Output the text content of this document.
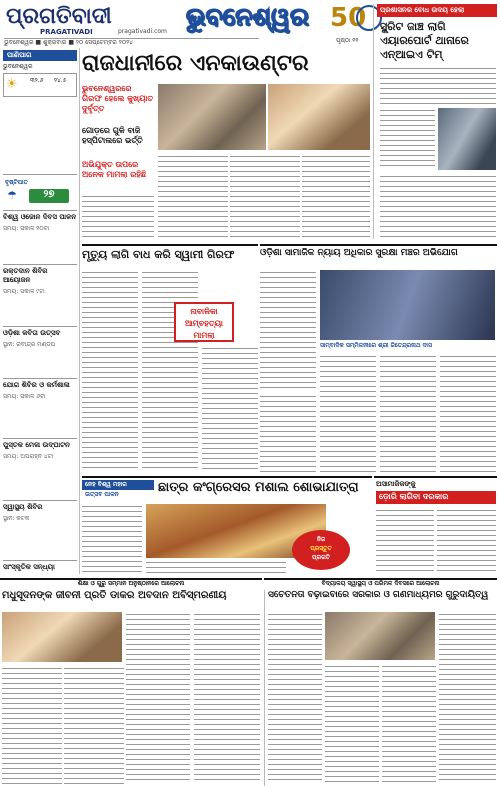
ପ୍ରଗତିବାଦୀ
PRAGATIVADI	pragativadi.com
ଭୁବନେଶ୍ୱର 50
ଭୁବନେଶ୍ୱର ■ ଶୁକ୍ରବାର ■ ୨୦ ସେପ୍ଟେମ୍ବର ୨୦୨୪	ପୃଷ୍ଠା ୧୧
ପ୍ରଶାସନର ବୋଧ ଉଦୟ ହେଲା
ସ୍କ୍ରିଟ ଜାଞ୍ଚ ଲାଗି ଏୟାରପୋର୍ଟ ଥାନାରେ ଏନ୍‌ଆଇଏ ଟିମ୍
ପାଣିପାଗ
ଭୁବନେଶ୍ୱର
☀	୩୨.୬	୨୪.୫
ବୃଷ୍ଟିପାତ
☂	୨୭
ବିଶ୍ୱ ଓଜୋନ ଦିବସ ପାଳନ
ସମୟ: ସକାଳ ୧୦ଟା
ରକ୍ତଦାନ ଶିବିର ଆୟୋଜନ
ସମୟ: ସକାଳ ୯ଟା
ଓଡ଼ିଶା କବିତା ଉତ୍ସବ
ସ୍ଥାନ: ରବୀନ୍ଦ୍ର ମଣ୍ଡପ
ଯୋଗ ଶିବିର ଓ କର୍ମଶାଳା
ସମୟ: ସକାଳ ୬ଟା
ପୁସ୍ତକ ମେଳା ଉଦ୍‌ଘାଟନ
ସମୟ: ଅପରାହ୍ନ ୪ଟା
ସ୍ୱାସ୍ଥ୍ୟ ଶିବିର
ସ୍ଥାନ: କଟକ
ସାଂସ୍କୃତିକ ସନ୍ଧ୍ୟା
ରାଜଧାନୀରେ ଏନକାଉଣ୍ଟର
ଭୁବନେଶ୍ୱରରେ ଗିରଫ ହେଲେ କୁଖ୍ୟାତ ଦୁର୍ବୃତ୍ତ
ଗୋଡ଼ରେ ଗୁଳି ବାଜି ହସ୍ପିଟାଲରେ ଭର୍ତ୍ତି
ଅଭିଯୁକ୍ତ ଉପରେ ଅନେକ ମାମଲା ରହିଛି
ମୃତ୍ୟୁ ଲାଗି ବାଧ କରି ସ୍ୱାମୀ ଗିରଫ
ନାବାଳିକା ଆମ୍ବହତ୍ୟା ମାମଲା
ଓଡ଼ିଶା ସାମାଜିକ ନ୍ୟାୟ ଅଧିକାର ସୁରକ୍ଷା ମଞ୍ଚର ଅଭିଯୋଗ
ସାମ୍ବାଦିକ ସମ୍ମିଳନୀରେ ଶ୍ରୀ ଜିତେନ୍ଦ୍ରନାଥ ଦାସ
ନେହ ବିଶ୍ୱ ମହାର
ଉତ୍ସବ ପାଳନ	ଛାତ୍ର କଂଗ୍ରେସର ମଶାଲ ଶୋଭାଯାତ୍ରା
ନିଜ
ପ୍ରସ୍ତୁତ
ପ୍ରଗତି
ଅସାମାଜିକଙ୍କୁ
ଡ଼ୋରି ଲାଗିବା ଦରକାର
ଶିକ୍ଷା ଓ ଗୁରୁ ସମ୍ମାନ ଅନୁଷ୍ଠାନରେ ଆଲୋଚନା	ବିଦ୍ୟାଳୟ ସ୍ୱାସ୍ଥ୍ୟ ଓ ପରିମଳ ଦିବସରେ ଆଲୋଚନା
ମଧୁସୂଦନଙ୍କ ଜୀବନୀ ପ୍ରତି ଡାକର ଅବଦାନ ଅବିସ୍ମରଣୀୟ	ସଚେତନତା ବଢ଼ାଇବାରେ ସରକାର ଓ ଗଣମାଧ୍ୟମର ଗୁରୁଦାୟିତ୍ୱ
